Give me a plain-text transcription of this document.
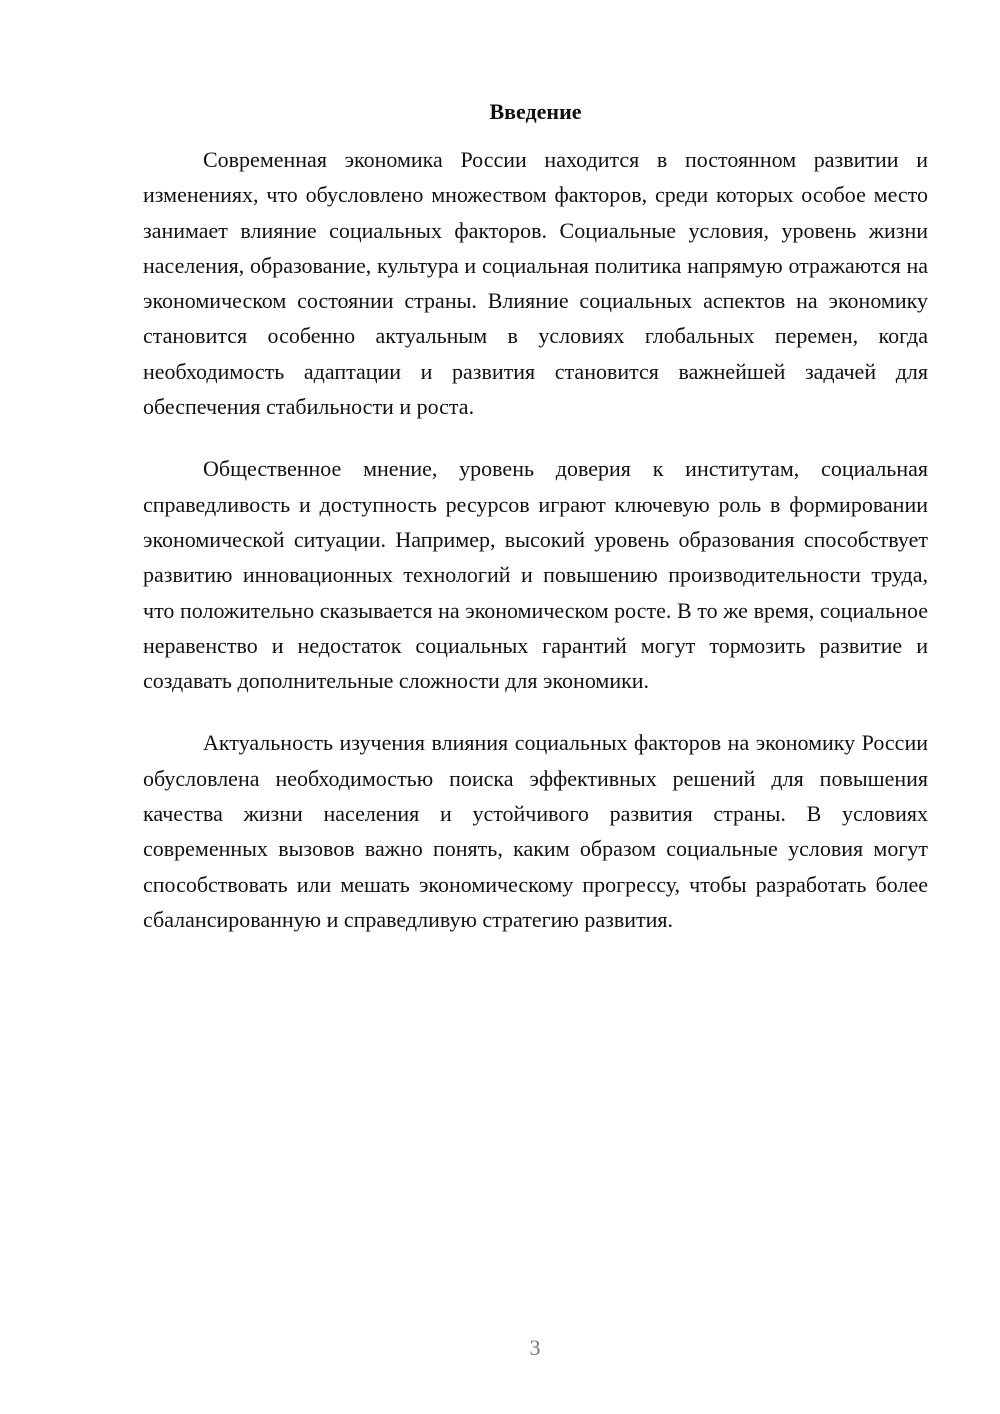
Введение

Современная экономика России находится в постоянном развитии и изменениях, что обусловлено множеством факторов, среди которых особое место занимает влияние социальных факторов. Социальные условия, уровень жизни населения, образование, культура и социальная политика напрямую отражаются на экономическом состоянии страны. Влияние социальных аспектов на экономику становится особенно актуальным в условиях глобальных перемен, когда необходимость адаптации и развития становится важнейшей задачей для обеспечения стабильности и роста.

Общественное мнение, уровень доверия к институтам, социальная справедливость и доступность ресурсов играют ключевую роль в формировании экономической ситуации. Например, высокий уровень образования способствует развитию инновационных технологий и повышению производительности труда, что положительно сказывается на экономическом росте. В то же время, социальное неравенство и недостаток социальных гарантий могут тормозить развитие и создавать дополнительные сложности для экономики.

Актуальность изучения влияния социальных факторов на экономику России обусловлена необходимостью поиска эффективных решений для повышения качества жизни населения и устойчивого развития страны. В условиях современных вызовов важно понять, каким образом социальные условия могут способствовать или мешать экономическому прогрессу, чтобы разработать более сбалансированную и справедливую стратегию развития.

3
